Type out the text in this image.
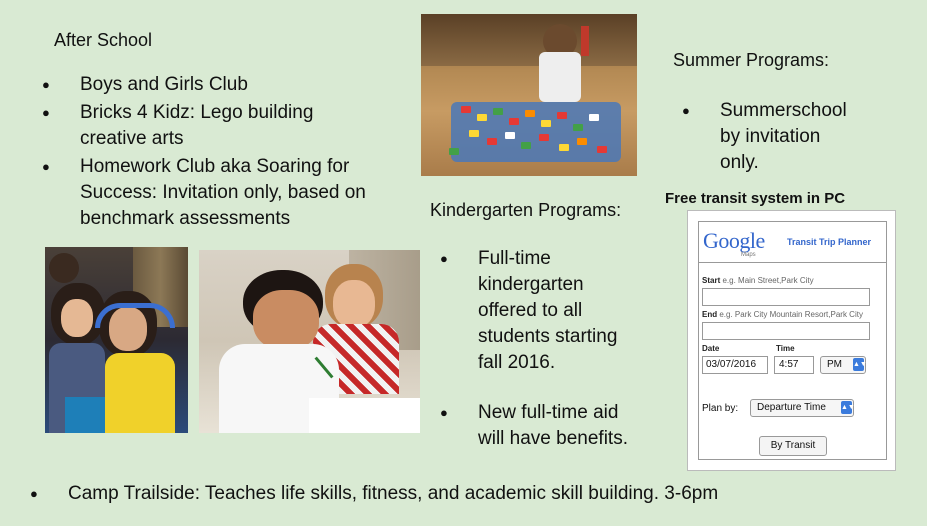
After School
● Boys and Girls Club
● Bricks 4 Kidz: Lego building creative arts
● Homework Club aka Soaring for Success: Invitation only, based on benchmark assessments
Summer Programs:
● Summerschool by invitation only.
Free transit system in PC
Kindergarten Programs:
● Full-time kindergarten offered to all students starting fall 2016.
● New full-time aid will have benefits.
Google
Maps
Transit Trip Planner
Start e.g. Main Street,Park City
End e.g. Park City Mountain Resort,Park City
Date	Time
03/07/2016 4:57	PM ▲▼
Plan by:	Departure Time ▲▼
By Transit
● Camp Trailside: Teaches life skills, fitness, and academic skill building. 3-6pm
